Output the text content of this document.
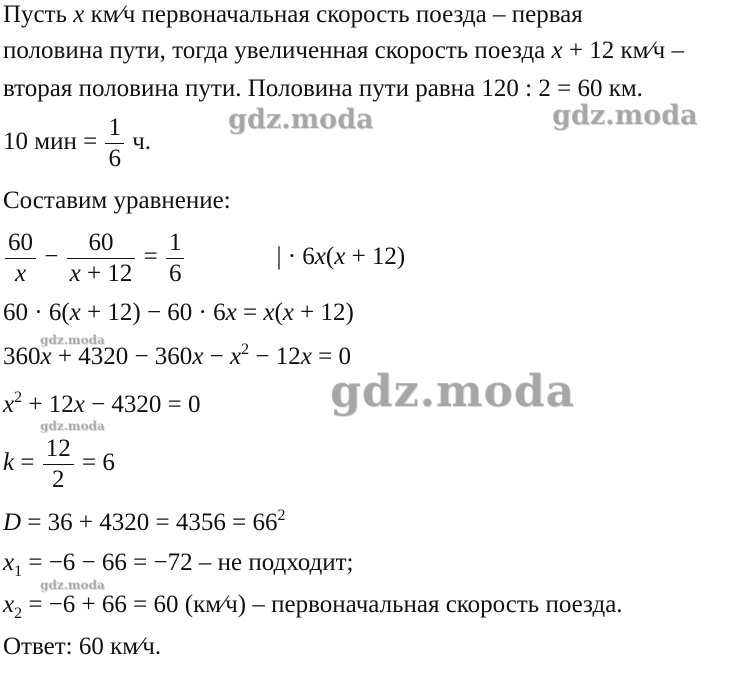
Пусть x км⁄ч первоначальная скорость поезда – первая
половина пути, тогда увеличенная скорость поезда x + 12 км⁄ч –
вторая половина пути. Половина пути равна 120 : 2 = 60 км.
10 мин = $\frac{1}{6} ч$.
Составим уравнение:
$\frac{60}{x} - \frac{60}{x + 12} = \frac{1}{6}$	| · 6x(x + 12)
60 · 6(x + 12) − 60 · 6x = x(x + 12)
$360x + 4320 - 360x - x^2 - 12x = 0$
$x^2 + 12x - 4320 = 0$
$k = \frac{12}{2} = 6$
$D = 36 + 4320 = 4356 = 66^2$
$x_1 = -6 - 66 = -72$ – не подходит;
$x_2 = -6 + 66 = 60$ (км⁄ч) – первоначальная скорость поезда.
Ответ: 60 км⁄ч.
gdz.moda	gdz.moda
gdz.moda
gdz.moda
gdz.moda
gdz.moda
